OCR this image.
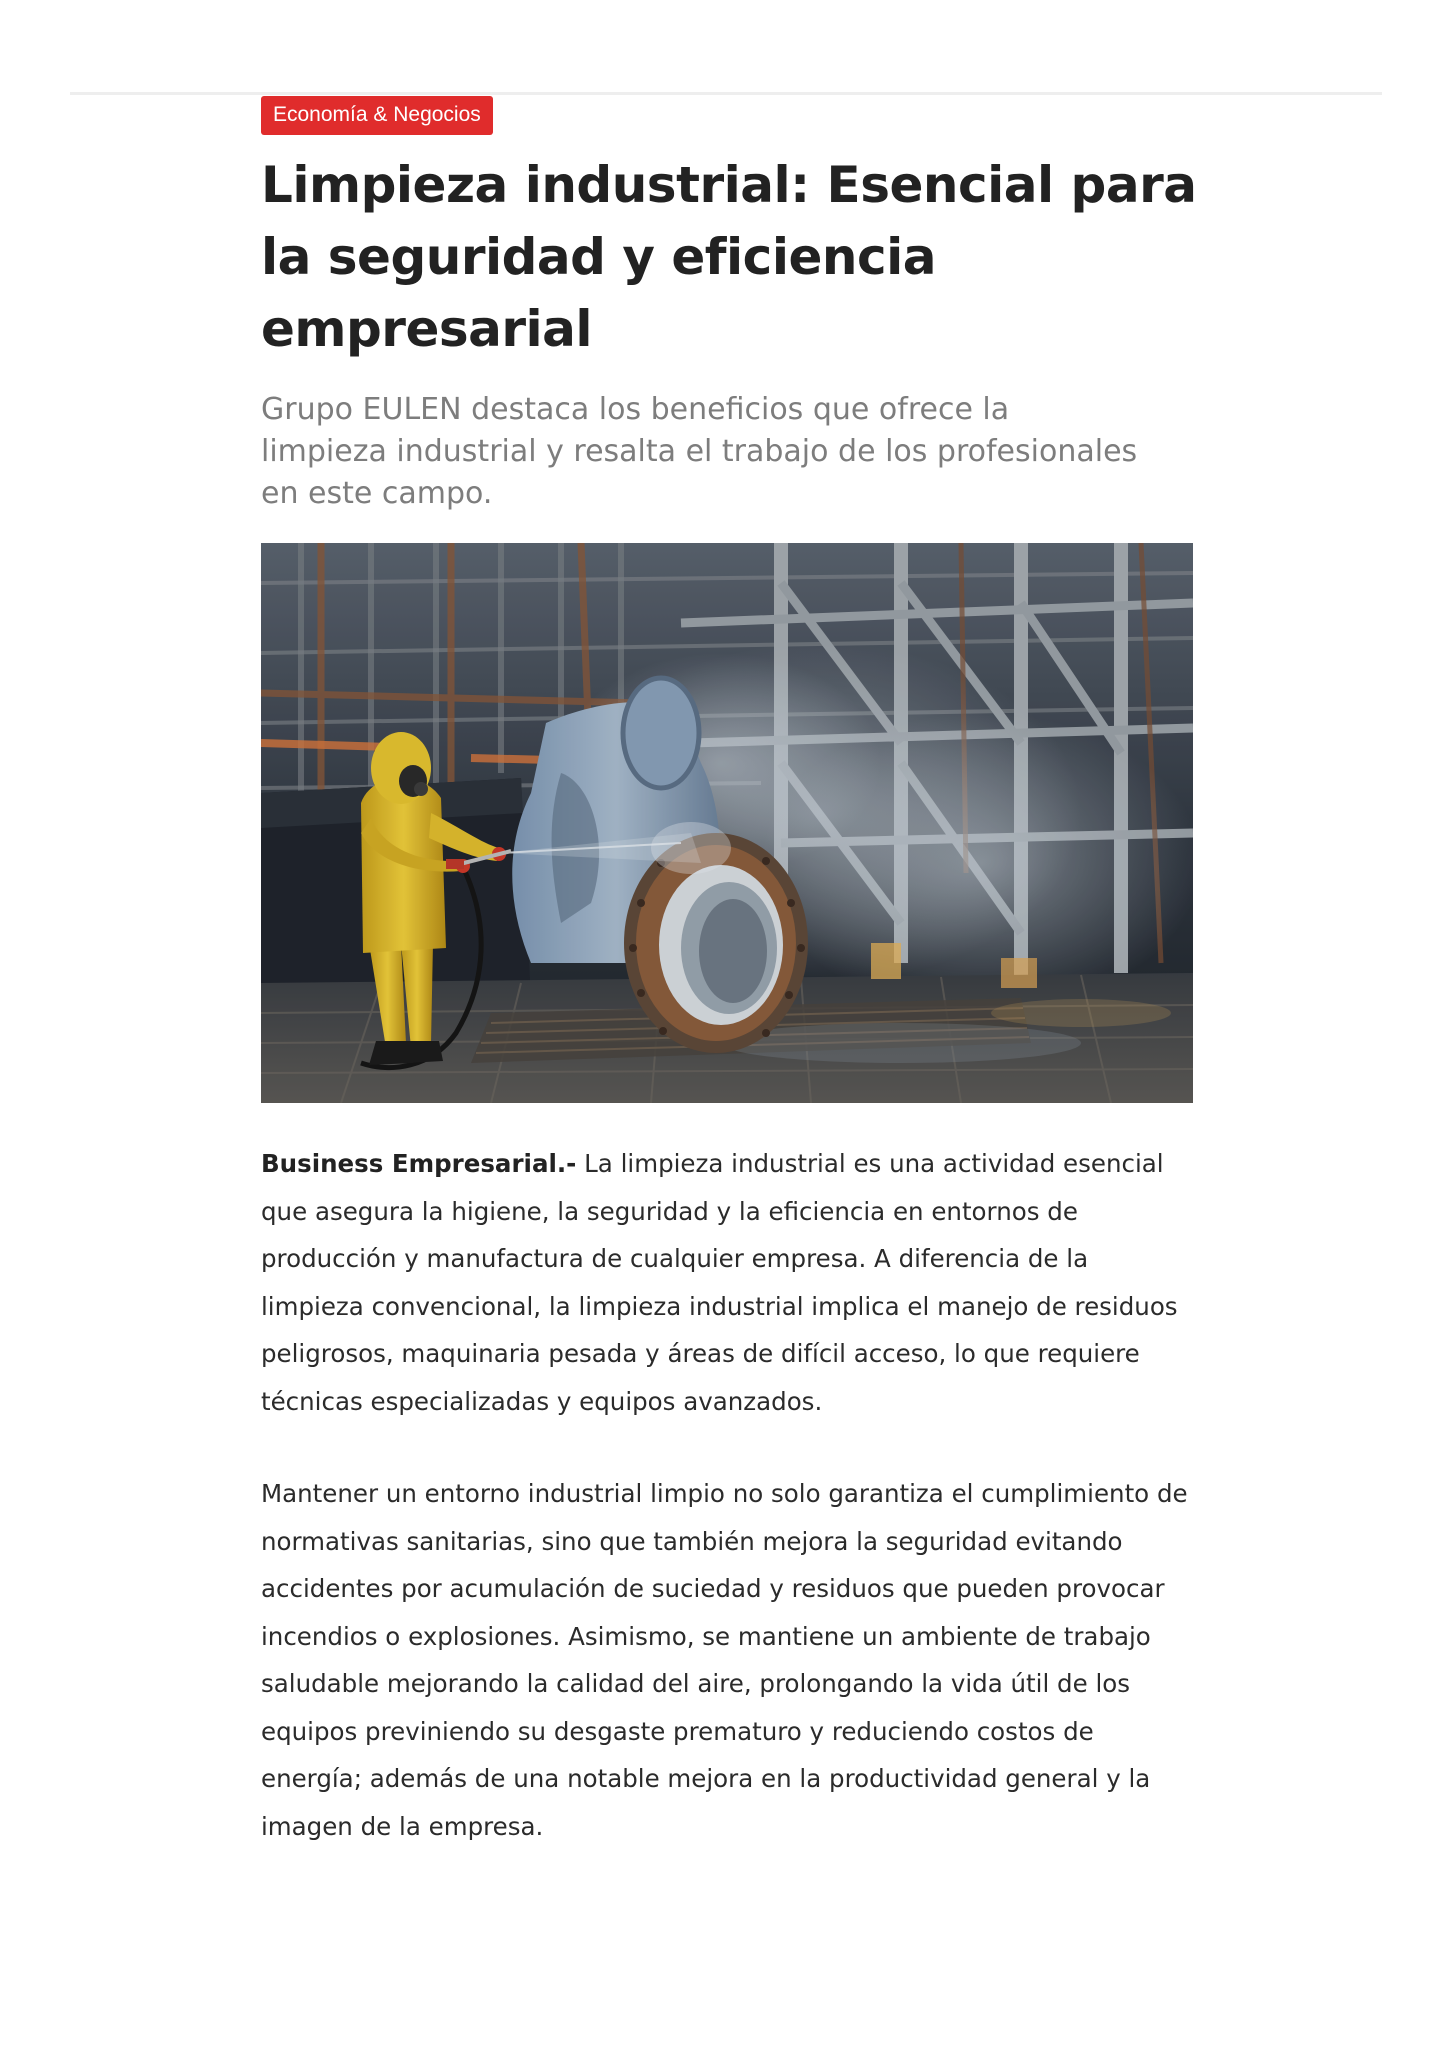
Economía & Negocios
Limpieza industrial: Esencial para la seguridad y eficiencia empresarial

Grupo EULEN destaca los beneficios que ofrece la limpieza industrial y resalta el trabajo de los profesionales en este campo.

Business Empresarial.- La limpieza industrial es una actividad esencial que asegura la higiene, la seguridad y la eficiencia en entornos de producción y manufactura de cualquier empresa. A diferencia de la limpieza convencional, la limpieza industrial implica el manejo de residuos peligrosos, maquinaria pesada y áreas de difícil acceso, lo que requiere técnicas especializadas y equipos avanzados.

Mantener un entorno industrial limpio no solo garantiza el cumplimiento de normativas sanitarias, sino que también mejora la seguridad evitando accidentes por acumulación de suciedad y residuos que pueden provocar incendios o explosiones. Asimismo, se mantiene un ambiente de trabajo saludable mejorando la calidad del aire, prolongando la vida útil de los equipos previniendo su desgaste prematuro y reduciendo costos de energía; además de una notable mejora en la productividad general y la imagen de la empresa.
